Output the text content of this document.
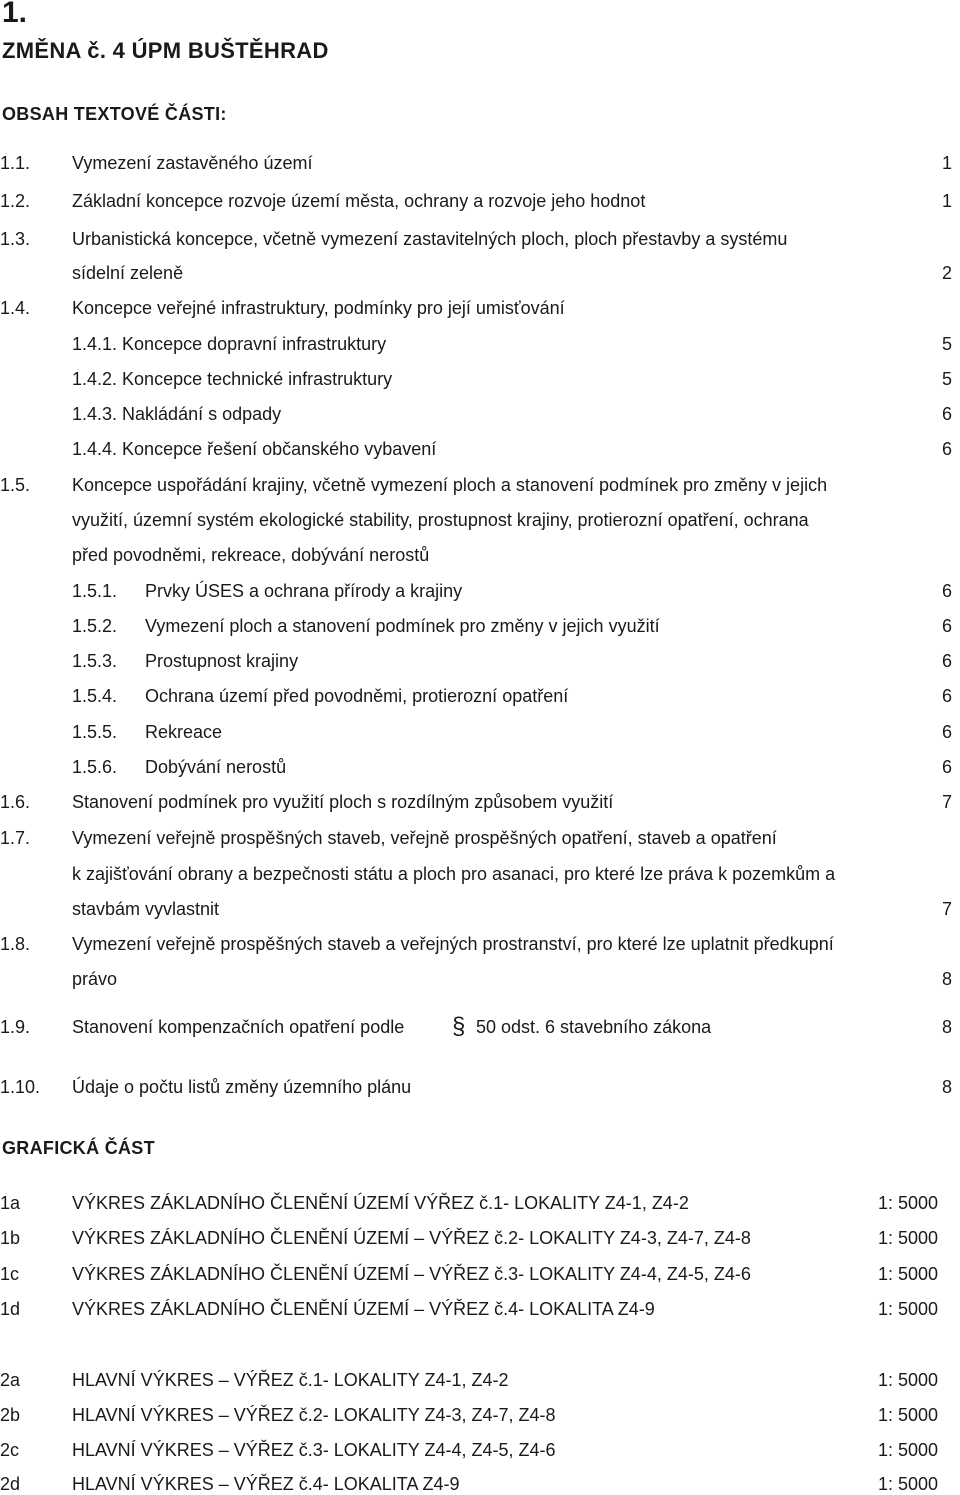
1.
ZMĚNA č. 4 ÚPM BUŠTĚHRAD
OBSAH TEXTOVÉ ČÁSTI:
1.1. Vymezení zastavěného území	1
1.2. Základní koncepce rozvoje území města, ochrany a rozvoje jeho hodnot	1
1.3. Urbanistická koncepce, včetně vymezení zastavitelných ploch, ploch přestavby a systému
sídelní zeleně	2
1.4. Koncepce veřejné infrastruktury, podmínky pro její umisťování
1.4.1. Koncepce dopravní infrastruktury	5
1.4.2. Koncepce technické infrastruktury	5
1.4.3. Nakládání s odpady	6
1.4.4. Koncepce řešení občanského vybavení	6
1.5. Koncepce uspořádání krajiny, včetně vymezení ploch a stanovení podmínek pro změny v jejich
využití, územní systém ekologické stability, prostupnost krajiny, protierozní opatření, ochrana
před povodněmi, rekreace, dobývání nerostů
1.5.1. Prvky ÚSES a ochrana přírody a krajiny	6
1.5.2. Vymezení ploch a stanovení podmínek pro změny v jejich využití	6
1.5.3. Prostupnost krajiny	6
1.5.4. Ochrana území před povodněmi, protierozní opatření	6
1.5.5. Rekreace	6
1.5.6. Dobývání nerostů	6
1.6. Stanovení podmínek pro využití ploch s rozdílným způsobem využití	7
1.7. Vymezení veřejně prospěšných staveb, veřejně prospěšných opatření, staveb a opatření
k zajišťování obrany a bezpečnosti státu a ploch pro asanaci, pro které lze práva k pozemkům a
stavbám vyvlastnit	7
1.8. Vymezení veřejně prospěšných staveb a veřejných prostranství, pro které lze uplatnit předkupní
právo	8
1.9. Stanovení kompenzačních opatření podle § 50 odst. 6 stavebního zákona	8
1.10. Údaje o počtu listů změny územního plánu	8
GRAFICKÁ ČÁST
1a	VÝKRES ZÁKLADNÍHO ČLENĚNÍ ÚZEMÍ VÝŘEZ č.1- LOKALITY Z4-1, Z4-2	1: 5000
1b	VÝKRES ZÁKLADNÍHO ČLENĚNÍ ÚZEMÍ – VÝŘEZ č.2- LOKALITY Z4-3, Z4-7, Z4-8	1: 5000
1c	VÝKRES ZÁKLADNÍHO ČLENĚNÍ ÚZEMÍ – VÝŘEZ č.3- LOKALITY Z4-4, Z4-5, Z4-6	1: 5000
1d	VÝKRES ZÁKLADNÍHO ČLENĚNÍ ÚZEMÍ – VÝŘEZ č.4- LOKALITA Z4-9	1: 5000
2a	HLAVNÍ VÝKRES – VÝŘEZ č.1- LOKALITY Z4-1, Z4-2	1: 5000
2b	HLAVNÍ VÝKRES – VÝŘEZ č.2- LOKALITY Z4-3, Z4-7, Z4-8	1: 5000
2c	HLAVNÍ VÝKRES – VÝŘEZ č.3- LOKALITY Z4-4, Z4-5, Z4-6	1: 5000
2d	HLAVNÍ VÝKRES – VÝŘEZ č.4- LOKALITA Z4-9	1: 5000
